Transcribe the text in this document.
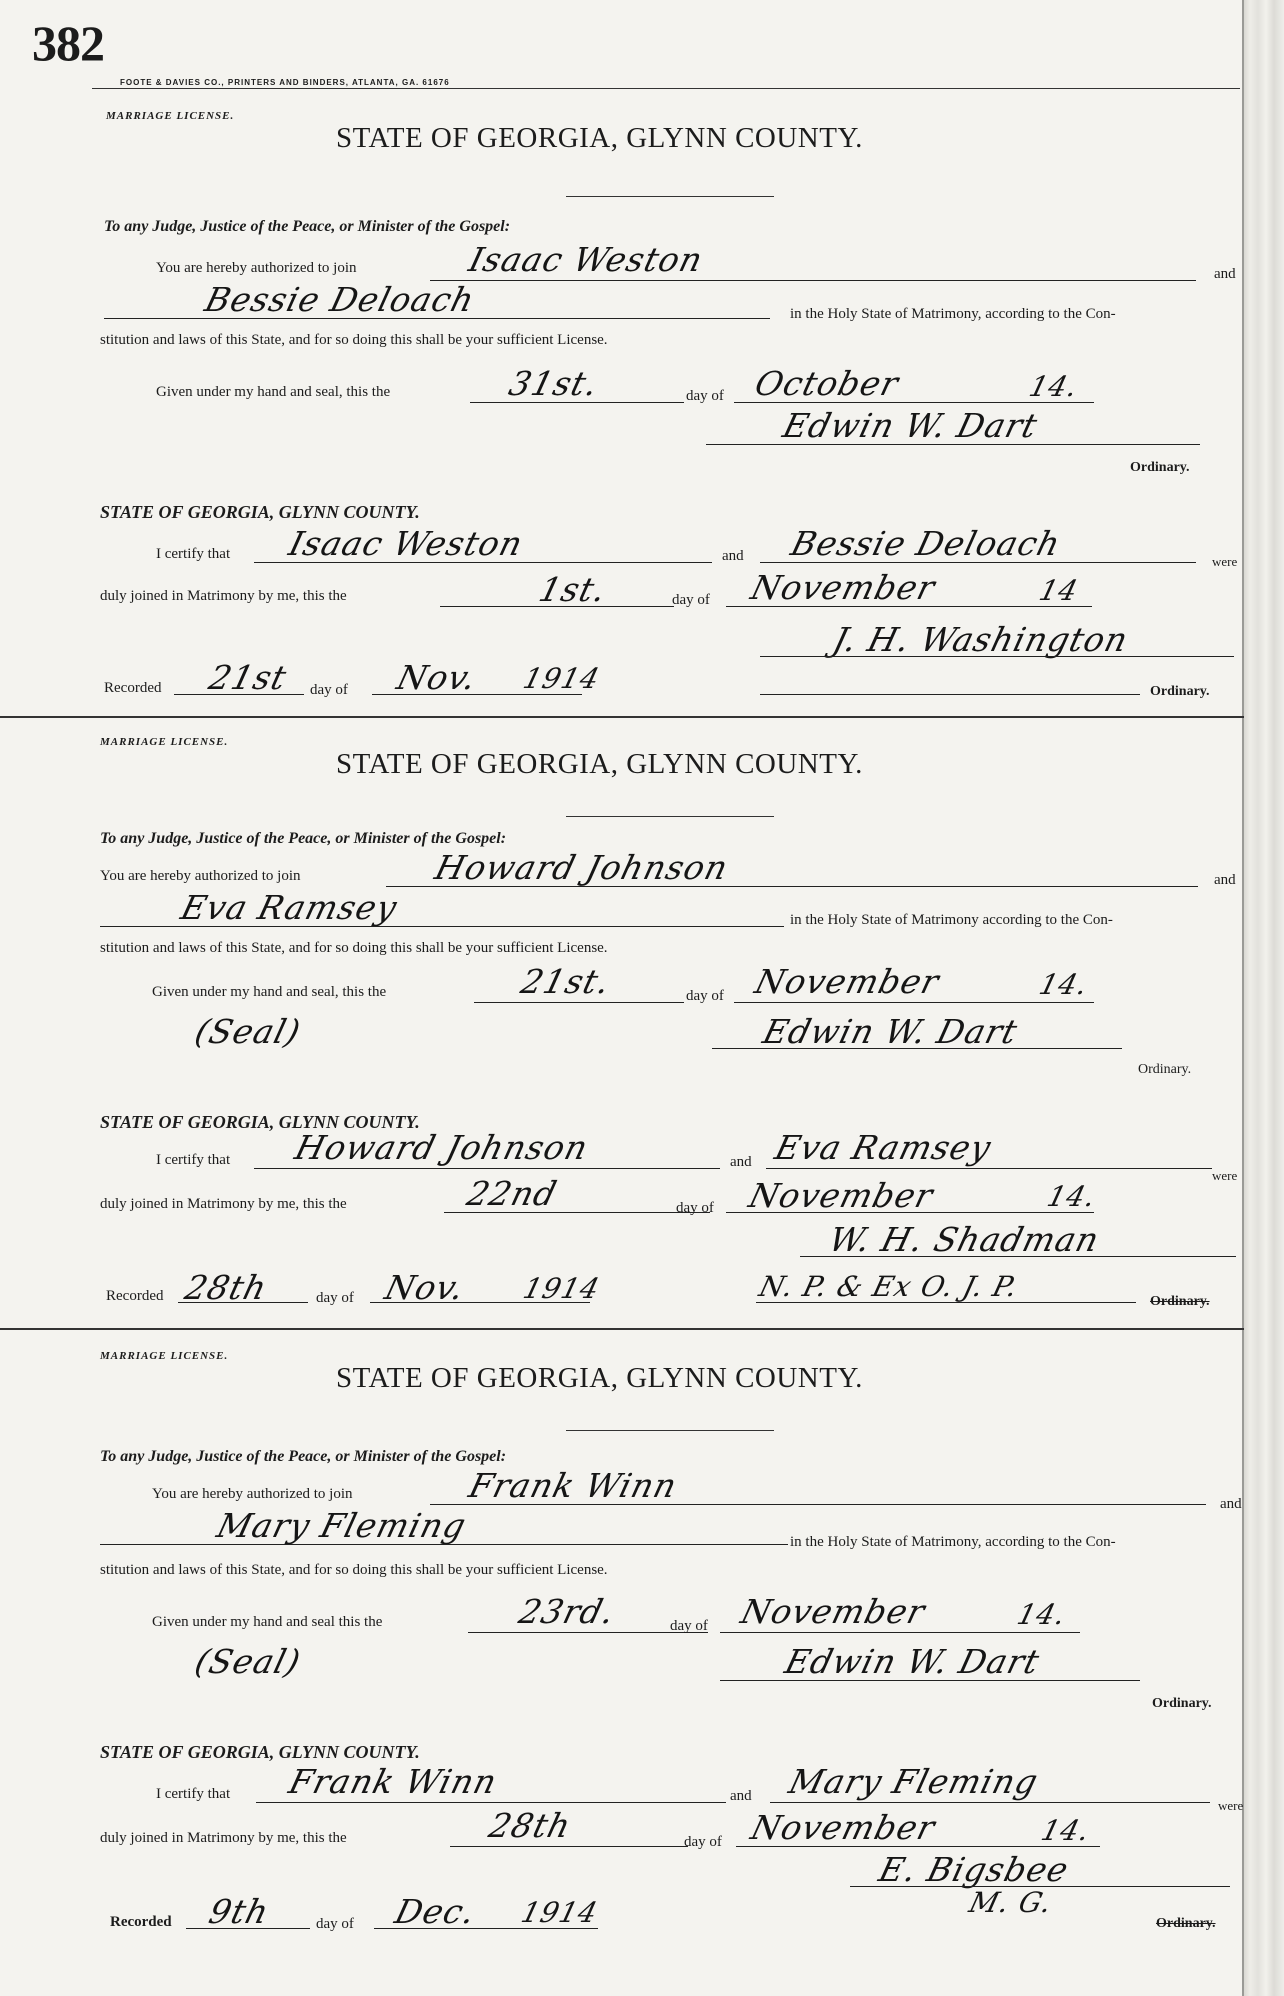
382
FOOTE & DAVIES CO., PRINTERS AND BINDERS, ATLANTA, GA. 61676
MARRIAGE LICENSE.
STATE OF GEORGIA, GLYNN COUNTY.
To any Judge, Justice of the Peace, or Minister of the Gospel:
You are hereby authorized to join	Isaac Weston	and
Bessie Deloach	in the Holy State of Matrimony, according to the Con-
stitution and laws of this State, and for so doing this shall be your sufficient License.
Given under my hand and seal, this the	31st.	day of October	14.
Edwin W. Dart
Ordinary.
STATE OF GEORGIA, GLYNN COUNTY.
I certify that Isaac Weston	and Bessie Deloach	were
duly joined in Matrimony by me, this the	1st.	day of November	14
J. H. Washington
Recorded 21st day of Nov. 1914	Ordinary.
MARRIAGE LICENSE.
STATE OF GEORGIA, GLYNN COUNTY.
To any Judge, Justice of the Peace, or Minister of the Gospel:
You are hereby authorized to join	Howard Johnson	and
Eva Ramsey	in the Holy State of Matrimony according to the Con-
stitution and laws of this State, and for so doing this shall be your sufficient License.
Given under my hand and seal, this the	21st.	day of November	14.
(Seal)	Edwin W. Dart
Ordinary.
STATE OF GEORGIA, GLYNN COUNTY.
I certify that Howard Johnson	and Eva Ramsey
were
duly joined in Matrimony by me, this the	22nd	day of November	14.
W. H. Shadman
Recorded 28th	day of Nov. 1914	N. P. & Ex O. J. P.	Ordinary.
MARRIAGE LICENSE.
STATE OF GEORGIA, GLYNN COUNTY.
To any Judge, Justice of the Peace, or Minister of the Gospel:
You are hereby authorized to join	Frank Winn	and
Mary Fleming	in the Holy State of Matrimony, according to the Con-
stitution and laws of this State, and for so doing this shall be your sufficient License.
Given under my hand and seal this the	23rd.	day of November	14.
(Seal)	Edwin W. Dart
Ordinary.
STATE OF GEORGIA, GLYNN COUNTY.
I certify that Frank Winn	and Mary Fleming
were
duly joined in Matrimony by me, this the	28th	day of November	14.
E. Bigsbee
Recorded 9th	day of Dec. 1914	M. G.
Ordinary.
